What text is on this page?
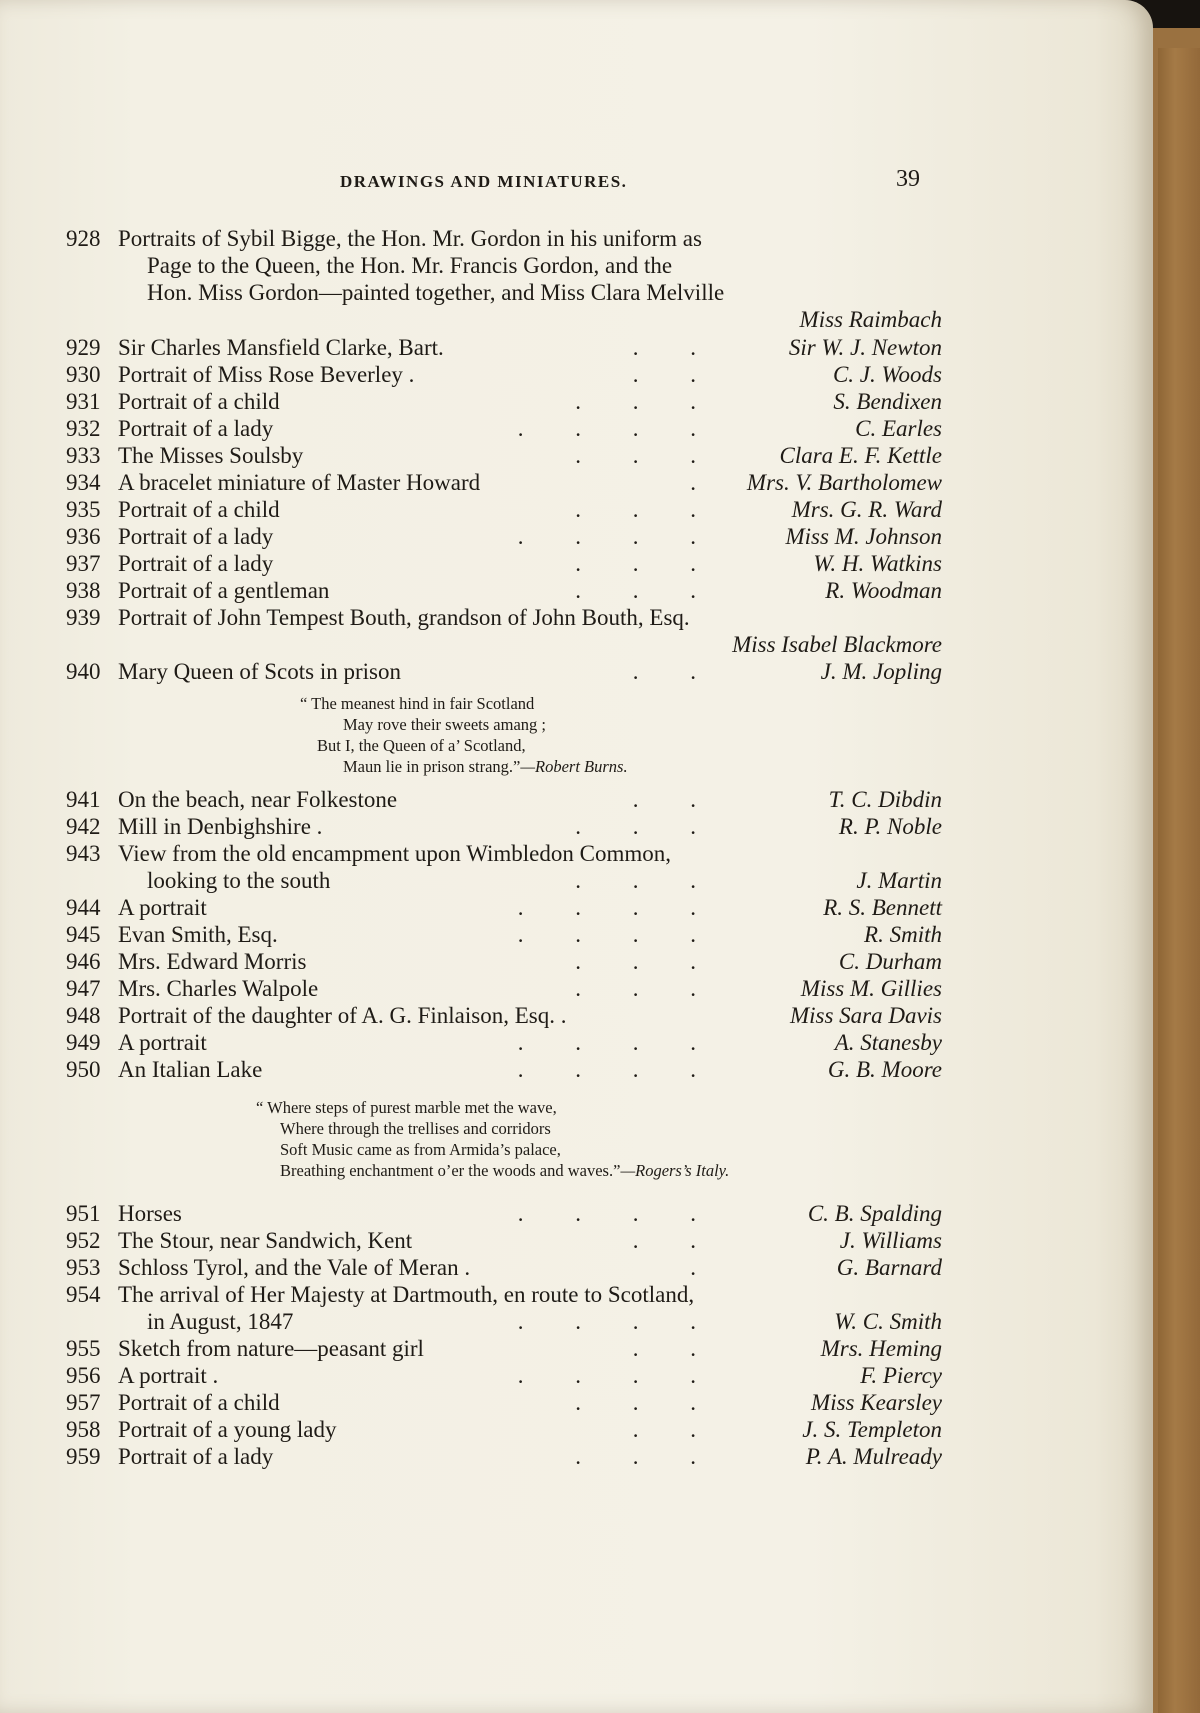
DRAWINGS AND MINIATURES.	39
928 Portraits of Sybil Bigge, the Hon. Mr. Gordon in his uniform as
Page to the Queen, the Hon. Mr. Francis Gordon, and the
Hon. Miss Gordon—painted together, and Miss Clara Melville
Miss Raimbach
929 Sir Charles Mansfield Clarke, Bart.	.         .	Sir W. J. Newton
930 Portrait of Miss Rose Beverley .	.         .	C. J. Woods
931 Portrait of a child	.         .         .	S. Bendixen
932 Portrait of a lady	.         .         .         .	C. Earles
933 The Misses Soulsby	.         .         .	Clara E. F. Kettle
934 A bracelet miniature of Master Howard	. Mrs. V. Bartholomew
935 Portrait of a child	.         .         .	Mrs. G. R. Ward
936 Portrait of a lady	.         .         .         .	Miss M. Johnson
937 Portrait of a lady	.         .         .	W. H. Watkins
938 Portrait of a gentleman	.         .         .	R. Woodman
939 Portrait of John Tempest Bouth, grandson of John Bouth, Esq.
Miss Isabel Blackmore
940 Mary Queen of Scots in prison	.         .	J. M. Jopling
941 On the beach, near Folkestone	.         .	T. C. Dibdin
942 Mill in Denbighshire .	.         .         .	R. P. Noble
943 View from the old encampment upon Wimbledon Common,
looking to the south	.         .         .	J. Martin
944 A portrait	.         .         .         .	R. S. Bennett
945 Evan Smith, Esq.	.         .         .         .	R. Smith
946 Mrs. Edward Morris	.         .         .	C. Durham
947 Mrs. Charles Walpole	.         .         .	Miss M. Gillies
948 Portrait of the daughter of A. G. Finlaison, Esq. .	Miss Sara Davis
949 A portrait	.         .         .         .	A. Stanesby
950 An Italian Lake	.         .         .         .	G. B. Moore
951 Horses	.         .         .         .	C. B. Spalding
952 The Stour, near Sandwich, Kent	.         .	J. Williams
953 Schloss Tyrol, and the Vale of Meran .	.	G. Barnard
954 The arrival of Her Majesty at Dartmouth, en route to Scotland,
in August, 1847	.         .         .         .	W. C. Smith
955 Sketch from nature—peasant girl	.         .	Mrs. Heming
956 A portrait .	.         .         .         .	F. Piercy
957 Portrait of a child	.         .         .	Miss Kearsley
958 Portrait of a young lady	.         .	J. S. Templeton
959 Portrait of a lady	.         .         .	P. A. Mulready
“ The meanest hind in fair Scotland
May rove their sweets amang ;
But I, the Queen of a’ Scotland,
Maun lie in prison strang.”—Robert Burns.
“ Where steps of purest marble met the wave,
Where through the trellises and corridors
Soft Music came as from Armida’s palace,
Breathing enchantment o’er the woods and waves.”—Rogers’s Italy.
